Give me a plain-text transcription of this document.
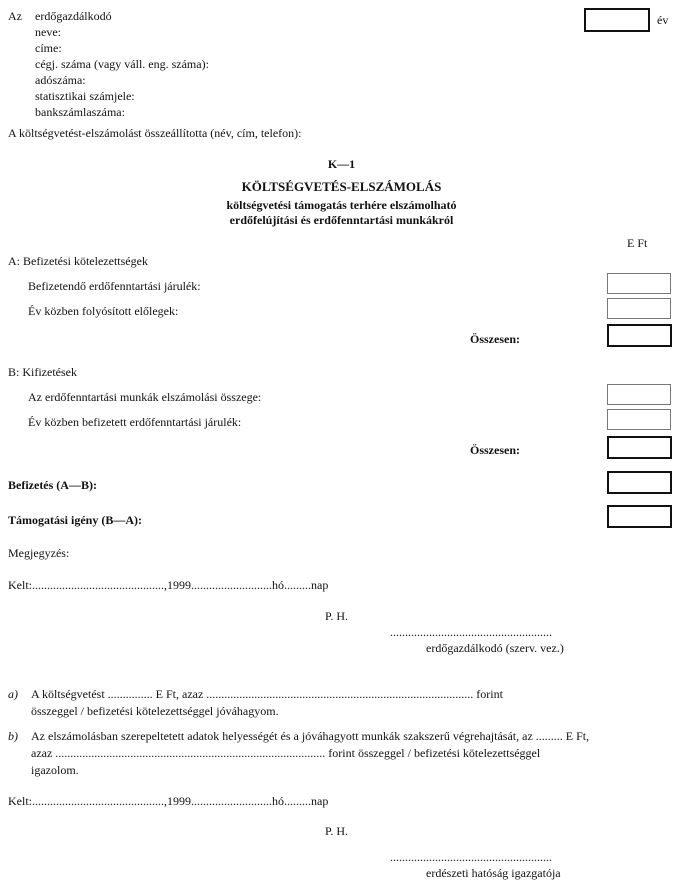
Az erdőgazdálkodó
neve:
címe:
cégj. száma (vagy váll. eng. száma):
adószáma:
statisztikai számjele:
bankszámlaszáma:
év
A költségvetést-elszámolást összeállította (név, cím, telefon):
K—1
KÖLTSÉGVETÉS-ELSZÁMOLÁS
költségvetési támogatás terhére elszámolható
erdőfelújítási és erdőfenntartási munkákról
E Ft
A: Befizetési kötelezettségek
Befizetendő erdőfenntartási járulék:
Év közben folyósított előlegek:
Összesen:
B: Kifizetések
Az erdőfenntartási munkák elszámolási összege:
Év közben befizetett erdőfenntartási járulék:
Összesen:
Befizetés (A—B):
Támogatási igény (B—A):
Megjegyzés:
Kelt:............................................,1999...........................hó.........nap
P. H.
......................................................
erdőgazdálkodó (szerv. vez.)
a) A költségvetést ............... E Ft, azaz ......................................................................................... forint
összeggel / befizetési kötelezettséggel jóváhagyom.
b) Az elszámolásban szerepeltetett adatok helyességét és a jóváhagyott munkák szakszerű végrehajtását, az ......... E Ft,
azaz .......................................................................................... forint összeggel / befizetési kötelezettséggel
igazolom.
Kelt:............................................,1999...........................hó.........nap
P. H.
......................................................
erdészeti hatóság igazgatója
